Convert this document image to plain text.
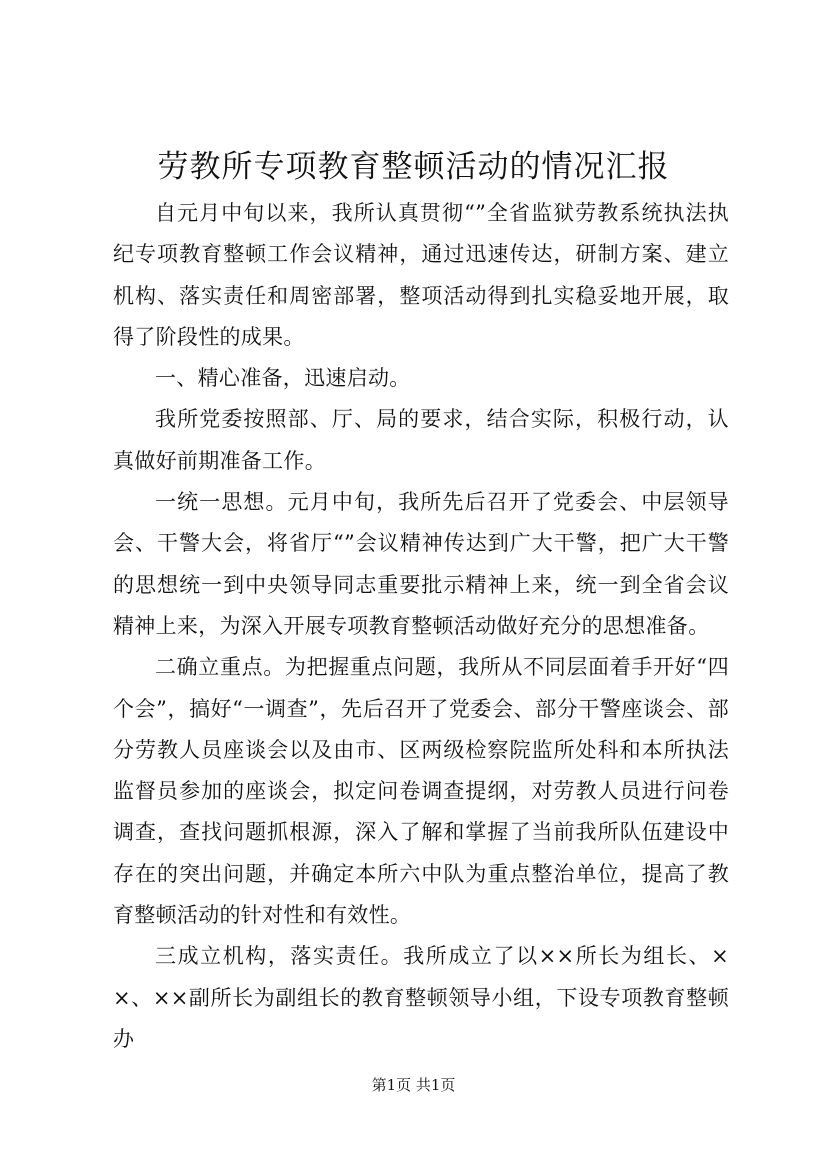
劳教所专项教育整顿活动的情况汇报

自元月中旬以来，我所认真贯彻“”全省监狱劳教系统执法执纪专项教育整顿工作会议精神，通过迅速传达，研制方案、建立机构、落实责任和周密部署，整项活动得到扎实稳妥地开展，取得了阶段性的成果。

一、精心准备，迅速启动。

我所党委按照部、厅、局的要求，结合实际，积极行动，认真做好前期准备工作。

一统一思想。元月中旬，我所先后召开了党委会、中层领导会、干警大会，将省厅“”会议精神传达到广大干警，把广大干警的思想统一到中央领导同志重要批示精神上来，统一到全省会议精神上来，为深入开展专项教育整顿活动做好充分的思想准备。

二确立重点。为把握重点问题，我所从不同层面着手开好“四个会”，搞好“一调查”，先后召开了党委会、部分干警座谈会、部分劳教人员座谈会以及由市、区两级检察院监所处科和本所执法监督员参加的座谈会，拟定问卷调查提纲，对劳教人员进行问卷调查，查找问题抓根源，深入了解和掌握了当前我所队伍建设中存在的突出问题，并确定本所六中队为重点整治单位，提高了教育整顿活动的针对性和有效性。

三成立机构，落实责任。我所成立了以××所长为组长、××、××副所长为副组长的教育整顿领导小组，下设专项教育整顿办

第1页 共1页
